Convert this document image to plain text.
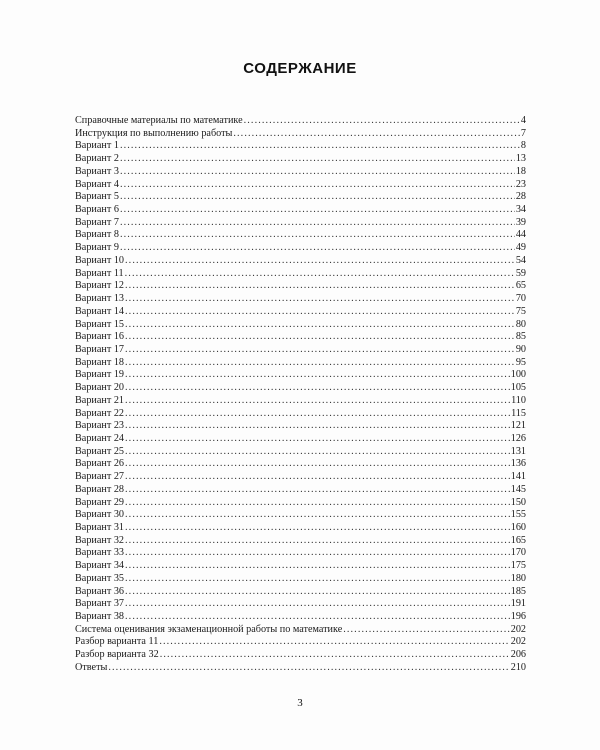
СОДЕРЖАНИЕ
Справочные материалы по математике .....	4
Инструкция по выполнению работы .....	7
Вариант 1 .....	8
Вариант 2 .....	13
Вариант 3 .....	18
Вариант 4 .....	23
Вариант 5 .....	28
Вариант 6 .....	34
Вариант 7 .....	39
Вариант 8 .....	44
Вариант 9 .....	49
Вариант 10 .....	54
Вариант 11 .....	59
Вариант 12 .....	65
Вариант 13 .....	70
Вариант 14 .....	75
Вариант 15 .....	80
Вариант 16 .....	85
Вариант 17 .....	90
Вариант 18 .....	95
Вариант 19 .....	100
Вариант 20 .....	105
Вариант 21 .....	110
Вариант 22 .....	115
Вариант 23 .....	121
Вариант 24 .....	126
Вариант 25 .....	131
Вариант 26 .....	136
Вариант 27 .....	141
Вариант 28 .....	145
Вариант 29 .....	150
Вариант 30 .....	155
Вариант 31 .....	160
Вариант 32 .....	165
Вариант 33 .....	170
Вариант 34 .....	175
Вариант 35 .....	180
Вариант 36 .....	185
Вариант 37 .....	191
Вариант 38 .....	196
Система оценивания экзаменационной работы по математике .....	202
Разбор варианта 11 .....	202
Разбор варианта 32 .....	206
Ответы .....	210
3
